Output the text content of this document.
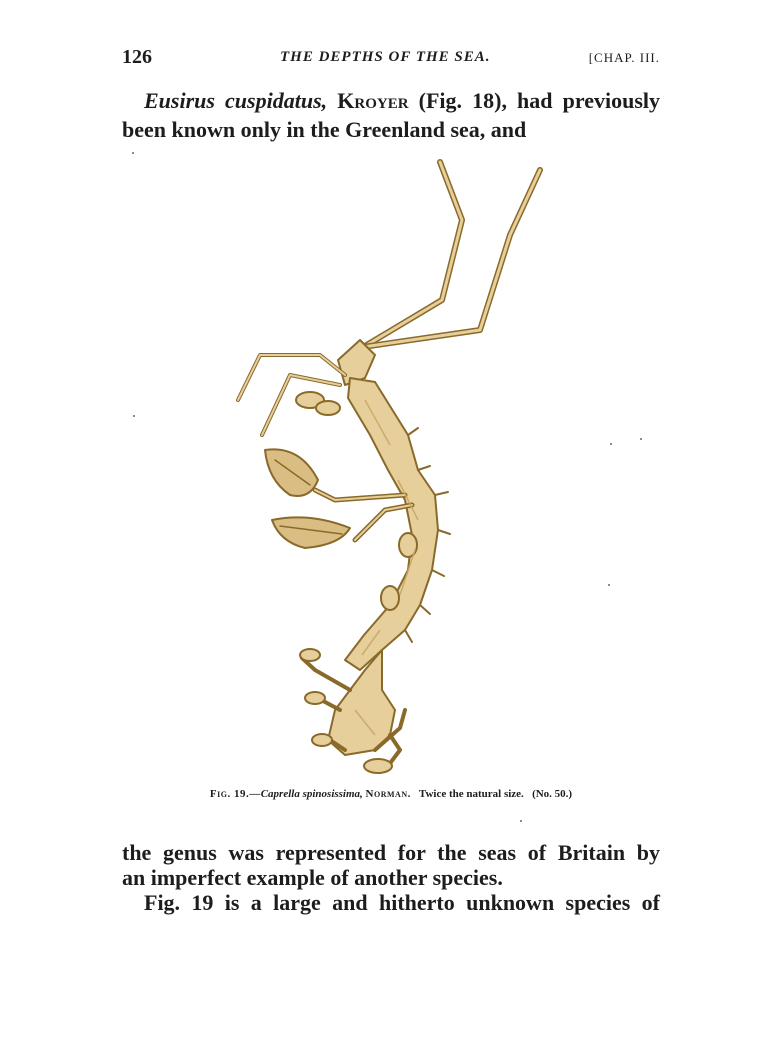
126	THE DEPTHS OF THE SEA.	[CHAP. III.

Eusirus cuspidatus, Kroyer (Fig. 18), had previously been known only in the Greenland sea, and

Fig. 19.—Caprella spinosissima, Norman. Twice the natural size. (No. 50.)
the genus was represented for the seas of Britain by
an imperfect example of another species.
Fig. 19 is a large and hitherto unknown species of
